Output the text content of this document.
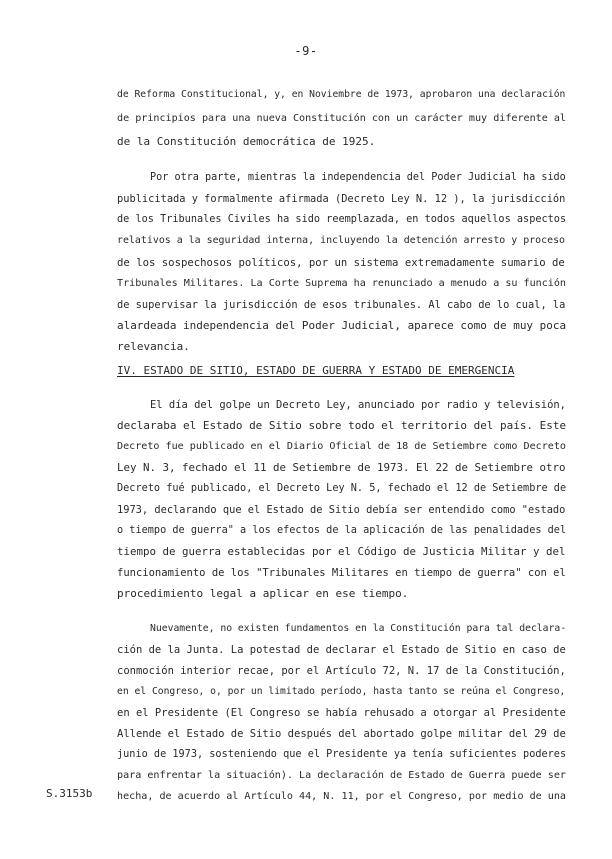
-9-
de Reforma Constitucional, y, en Noviembre de 1973, aprobaron una declaración
de principios para una nueva Constitución con un carácter muy diferente al
de la Constitución democrática de 1925.
Por otra parte, mientras la independencia del Poder Judicial ha sido
publicitada y formalmente afirmada (Decreto Ley N. 12 ), la jurisdicción
de los Tribunales Civiles ha sido reemplazada, en todos aquellos aspectos
relativos a la seguridad interna, incluyendo la detención arresto y proceso
de los sospechosos políticos, por un sistema extremadamente sumario de
Tribunales Militares. La Corte Suprema ha renunciado a menudo a su función
de supervisar la jurisdicción de esos tribunales. Al cabo de lo cual, la
alardeada independencia del Poder Judicial, aparece como de muy poca
relevancia.
IV. ESTADO DE SITIO, ESTADO DE GUERRA Y ESTADO DE EMERGENCIA
El día del golpe un Decreto Ley, anunciado por radio y televisión,
declaraba el Estado de Sitio sobre todo el territorio del país. Este
Decreto fue publicado en el Diario Oficial de 18 de Setiembre como Decreto
Ley N. 3, fechado el 11 de Setiembre de 1973. El 22 de Setiembre otro
Decreto fué publicado, el Decreto Ley N. 5, fechado el 12 de Setiembre de
1973, declarando que el Estado de Sitio debía ser entendido como "estado
o tiempo de guerra" a los efectos de la aplicación de las penalidades del
tiempo de guerra establecidas por el Código de Justicia Militar y del
funcionamiento de los "Tribunales Militares en tiempo de guerra" con el
procedimiento legal a aplicar en ese tiempo.
Nuevamente, no existen fundamentos en la Constitución para tal declara-
ción de la Junta. La potestad de declarar el Estado de Sitio en caso de
conmoción interior recae, por el Artículo 72, N. 17 de la Constitución,
en el Congreso, o, por un limitado período, hasta tanto se reúna el Congreso,
en el Presidente (El Congreso se había rehusado a otorgar al Presidente
Allende el Estado de Sitio después del abortado golpe militar del 29 de
junio de 1973, sosteniendo que el Presidente ya tenía suficientes poderes
para enfrentar la situación). La declaración de Estado de Guerra puede ser
hecha, de acuerdo al Artículo 44, N. 11, por el Congreso, por medio de una
S.3153b
